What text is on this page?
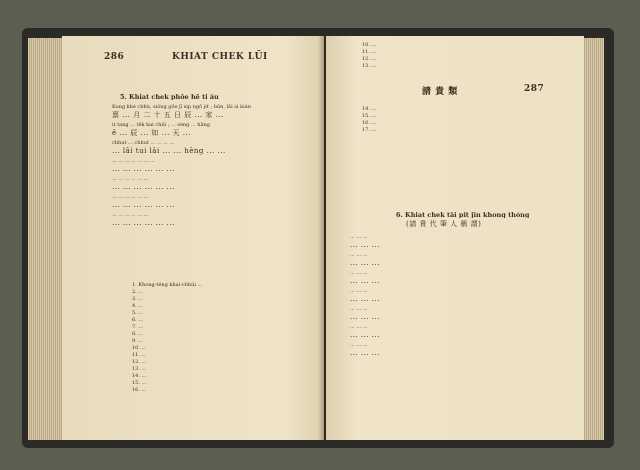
286	KHIAT CHEK LŪI
5. Khiat chek phōe hē ti âu
Kong khé chhù, sióng gōe jī sip ngō jit ; bûn, lâi sì kián
禀 ... 月 二 十 五 日 辰 ... 家 ...
it tang ... tēk kai chiū ; ... sèng ... hāng
ê ... 辰 ... 如 ... 天 ...
chhut ... chhut ... ... ... ...
... lâi tui lâi ... ... hêng ... ...
... ... ... ... ... ... ...
... ... ... ... ... ...
... ... ... ... ... ...
... ... ... ... ... ...
... ... ... ... ... ...
... ... ... ... ... ...
... ... ... ... ... ...
... ... ... ... ... ...
1. Khong-téng khai-chhùi ...
2. ...
3. ...
4. ...
5. ...
6. ...
7. ...
8. ...
9. ...
10. ...
11. ...
12. ...
13. ...
14. ...
15. ...
16. ...
請 貴 類	287
10. ...
11. ...
12. ...
13. ...
14. ...
15. ...
16. ...
17. ...
6. Khiat chek tāi pit jīn khong thóng
(請 貴 代 筆 人 稱 謂)
... ... ...
... ... ...
... ... ...
... ... ...
... ... ...
... ... ...
... ... ...
... ... ...
... ... ...
... ... ...
... ... ...
... ... ...
... ... ...
... ... ...
